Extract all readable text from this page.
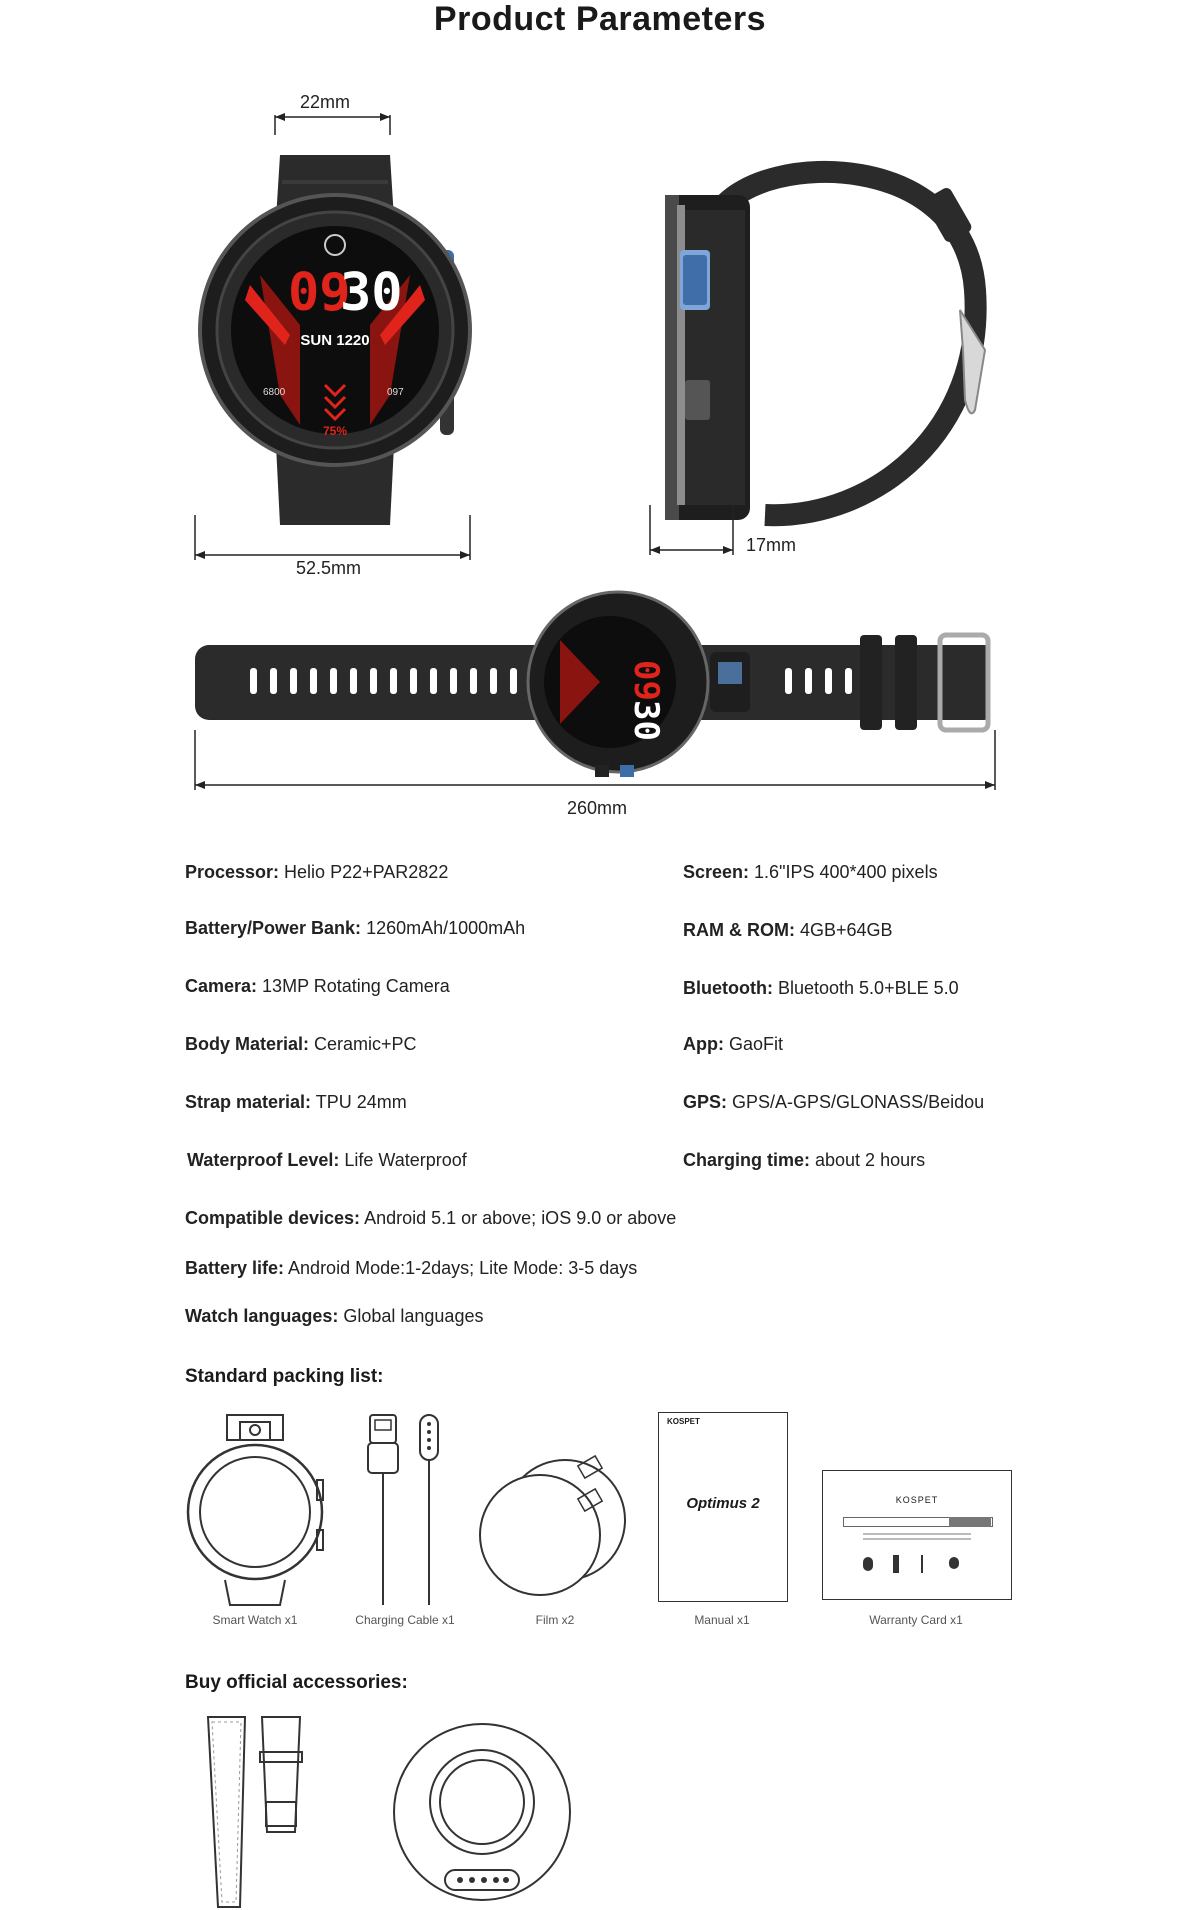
Product Parameters
09
30
SUN 1220
6800	097
75%
22mm
52.5mm
17mm
09
30
260mm
Processor: Helio P22+PAR2822
Battery/Power Bank: 1260mAh/1000mAh
Camera: 13MP Rotating Camera
Body Material: Ceramic+PC
Strap material: TPU 24mm
Waterproof Level: Life Waterproof
Screen: 1.6"IPS 400*400 pixels
RAM & ROM: 4GB+64GB
Bluetooth: Bluetooth 5.0+BLE 5.0
App: GaoFit
GPS: GPS/A-GPS/GLONASS/Beidou
Charging time: about 2 hours
Compatible devices: Android 5.1 or above; iOS 9.0 or above
Battery life: Android Mode:1-2days; Lite Mode: 3-5 days
Watch languages: Global languages
Standard packing list:
Smart Watch x1	Charging Cable x1	Film x2
KOSPET
Optimus 2
Manual x1
KOSPET
Warranty Card x1
Buy official accessories:
